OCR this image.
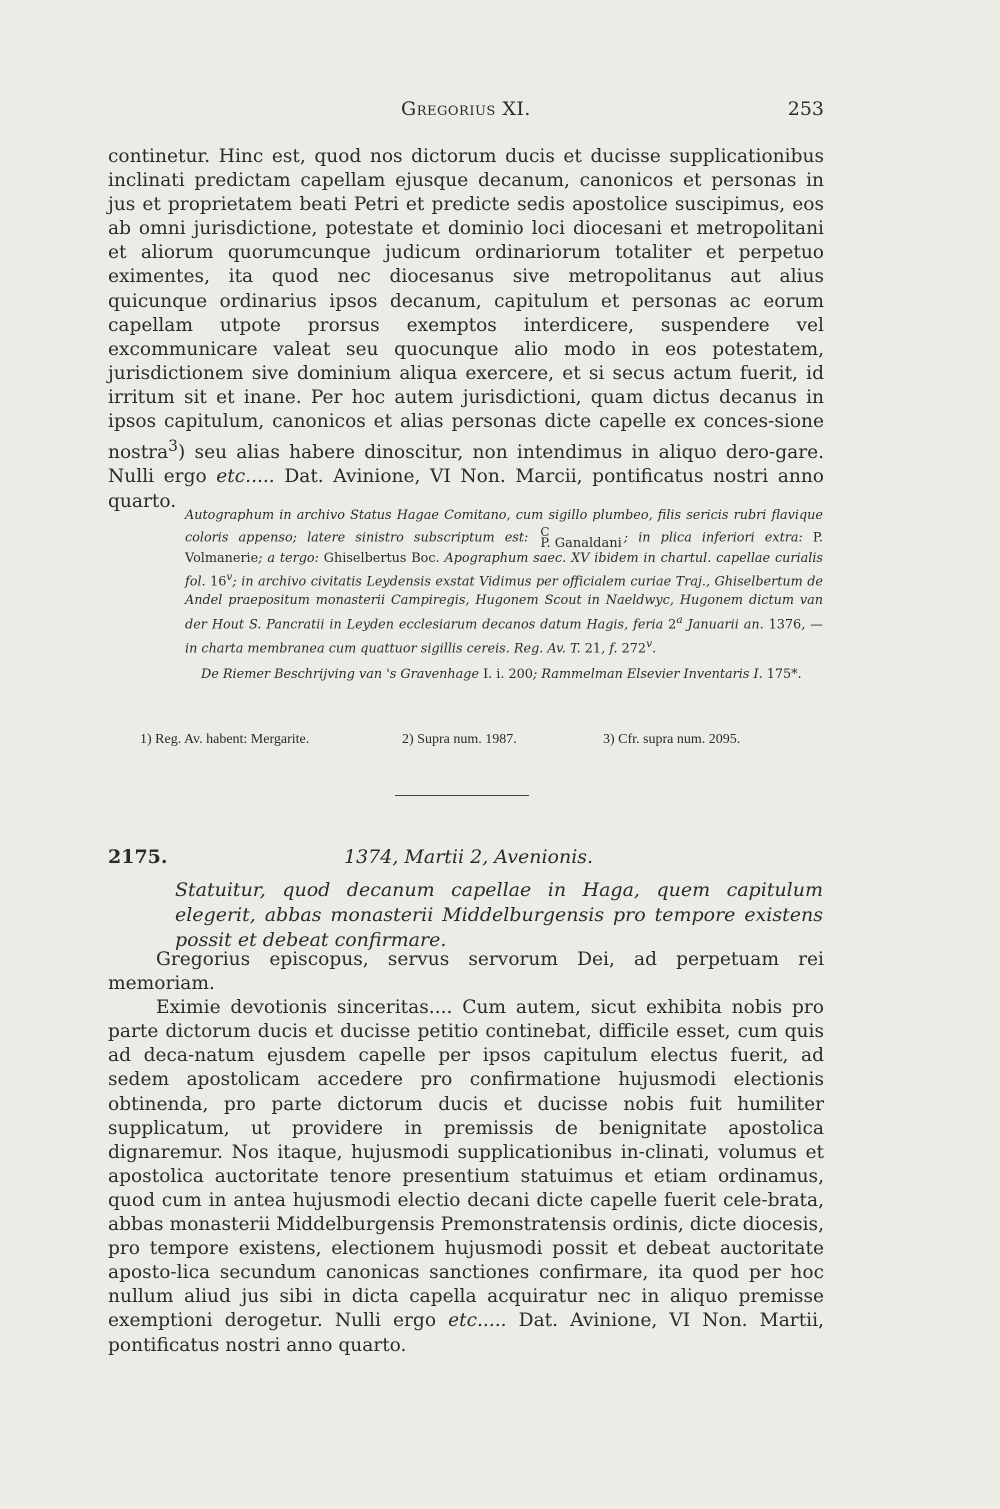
Gregorius XI.	253

continetur. Hinc est, quod nos dictorum ducis et ducisse supplicationibus inclinati predictam capellam ejusque decanum, canonicos et personas in jus et proprietatem beati Petri et predicte sedis apostolice suscipimus, eos ab omni jurisdictione, potestate et dominio loci diocesani et metropolitani et aliorum quorumcunque judicum ordinariorum totaliter et perpetuo eximentes, ita quod nec diocesanus sive metropolitanus aut alius quicunque ordinarius ipsos decanum, capitulum et personas ac eorum capellam utpote prorsus exemptos interdicere, suspendere vel excommunicare valeat seu quocunque alio modo in eos potestatem, jurisdictionem sive dominium aliqua exercere, et si secus actum fuerit, id irritum sit et inane. Per hoc autem jurisdictioni, quam dictus decanus in ipsos capitulum, canonicos et alias personas dicte capelle ex conces-sione nostra$^3$) seu alias habere dinoscitur, non intendimus in aliquo dero-gare. Nulli ergo etc..... Dat. Avinione, VI Non. Marcii, pontificatus nostri anno quarto.

Autographum in archivo Status Hagae Comitano, cum sigillo plumbeo, filis sericis rubri flavique coloris appenso; latere sinistro subscriptum est: C
P. Ganaldani ; in plica inferiori extra: P. Volmanerie; a tergo: Ghiselbertus Boc. Apographum saec. XV ibidem in chartul. capellae curialis fol. 16$^v$; in archivo civitatis Leydensis exstat Vidimus per officialem curiae Traj., Ghiselbertum de Andel praepositum monasterii Campiregis, Hugonem Scout in Naeldwyc, Hugonem dictum van der Hout S. Pancratii in Leyden ecclesiarum decanos datum Hagis, feria 2$^a$ Januarii an. 1376, — in charta membranea cum quattuor sigillis cereis. Reg. Av. T. 21, f. 272$^v$.

De Riemer Beschrijving van 's Gravenhage I. i. 200; Rammelman Elsevier Inventaris I. 175*.

1) Reg. Av. habent: Mergarite.	2) Supra num. 1987.	3) Cfr. supra num. 2095.
2175.	1374, Martii 2, Avenionis.
Statuitur, quod decanum capellae in Haga, quem capitulum elegerit, abbas monasterii Middelburgensis pro tempore existens possit et debeat confirmare.

Gregorius episcopus, servus servorum Dei, ad perpetuam rei memoriam.

Eximie devotionis sinceritas.... Cum autem, sicut exhibita nobis pro parte dictorum ducis et ducisse petitio continebat, difficile esset, cum quis ad deca-natum ejusdem capelle per ipsos capitulum electus fuerit, ad sedem apostolicam accedere pro confirmatione hujusmodi electionis obtinenda, pro parte dictorum ducis et ducisse nobis fuit humiliter supplicatum, ut providere in premissis de benignitate apostolica dignaremur. Nos itaque, hujusmodi supplicationibus in-clinati, volumus et apostolica auctoritate tenore presentium statuimus et etiam ordinamus, quod cum in antea hujusmodi electio decani dicte capelle fuerit cele-brata, abbas monasterii Middelburgensis Premonstratensis ordinis, dicte diocesis, pro tempore existens, electionem hujusmodi possit et debeat auctoritate aposto-lica secundum canonicas sanctiones confirmare, ita quod per hoc nullum aliud jus sibi in dicta capella acquiratur nec in aliquo premisse exemptioni derogetur. Nulli ergo etc..... Dat. Avinione, VI Non. Martii, pontificatus nostri anno quarto.
